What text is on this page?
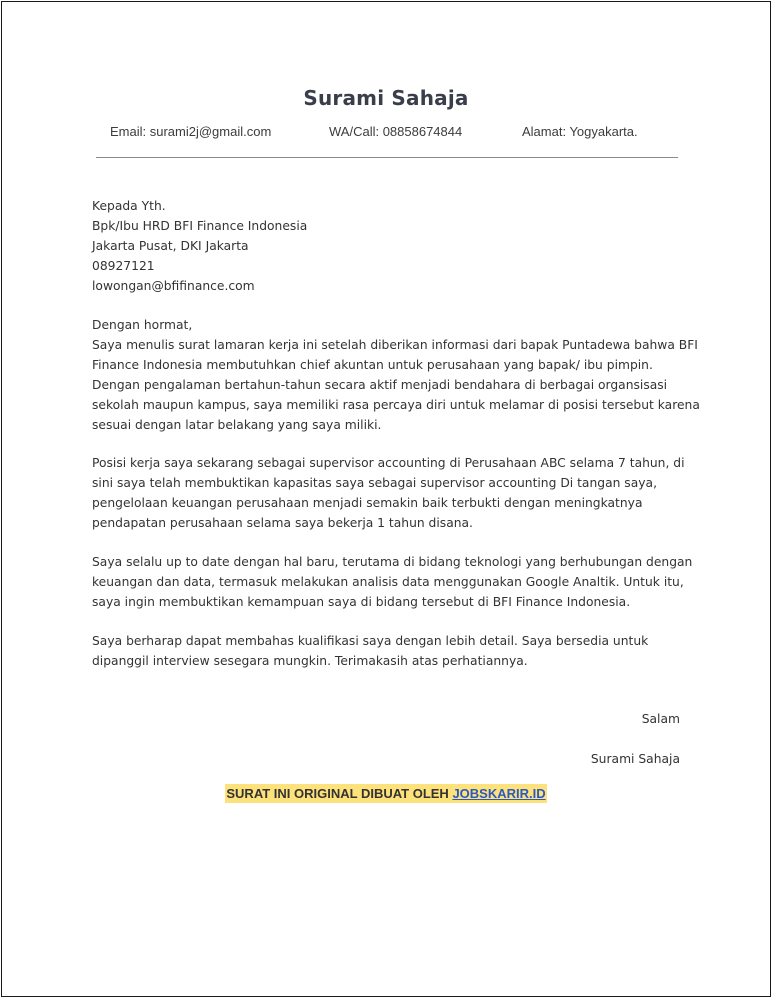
Surami Sahaja
Email: surami2j@gmail.com	WA/Call: 08858674844	Alamat: Yogyakarta.
Kepada Yth.
Bpk/Ibu HRD BFI Finance Indonesia
Jakarta Pusat, DKI Jakarta
08927121
lowongan@bfifinance.com
Dengan hormat,
Saya menulis surat lamaran kerja ini setelah diberikan informasi dari bapak Puntadewa bahwa BFI
Finance Indonesia membutuhkan chief akuntan untuk perusahaan yang bapak/ ibu pimpin.
Dengan pengalaman bertahun-tahun secara aktif menjadi bendahara di berbagai organsisasi
sekolah maupun kampus, saya memiliki rasa percaya diri untuk melamar di posisi tersebut karena
sesuai dengan latar belakang yang saya miliki.
Posisi kerja saya sekarang sebagai supervisor accounting di Perusahaan ABC selama 7 tahun, di
sini saya telah membuktikan kapasitas saya sebagai supervisor accounting Di tangan saya,
pengelolaan keuangan perusahaan menjadi semakin baik terbukti dengan meningkatnya
pendapatan perusahaan selama saya bekerja 1 tahun disana.
Saya selalu up to date dengan hal baru, terutama di bidang teknologi yang berhubungan dengan
keuangan dan data, termasuk melakukan analisis data menggunakan Google Analtik. Untuk itu,
saya ingin membuktikan kemampuan saya di bidang tersebut di BFI Finance Indonesia.
Saya berharap dapat membahas kualifikasi saya dengan lebih detail. Saya bersedia untuk
dipanggil interview sesegara mungkin. Terimakasih atas perhatiannya.
Salam
Surami Sahaja
SURAT INI ORIGINAL DIBUAT OLEH JOBSKARIR.ID
